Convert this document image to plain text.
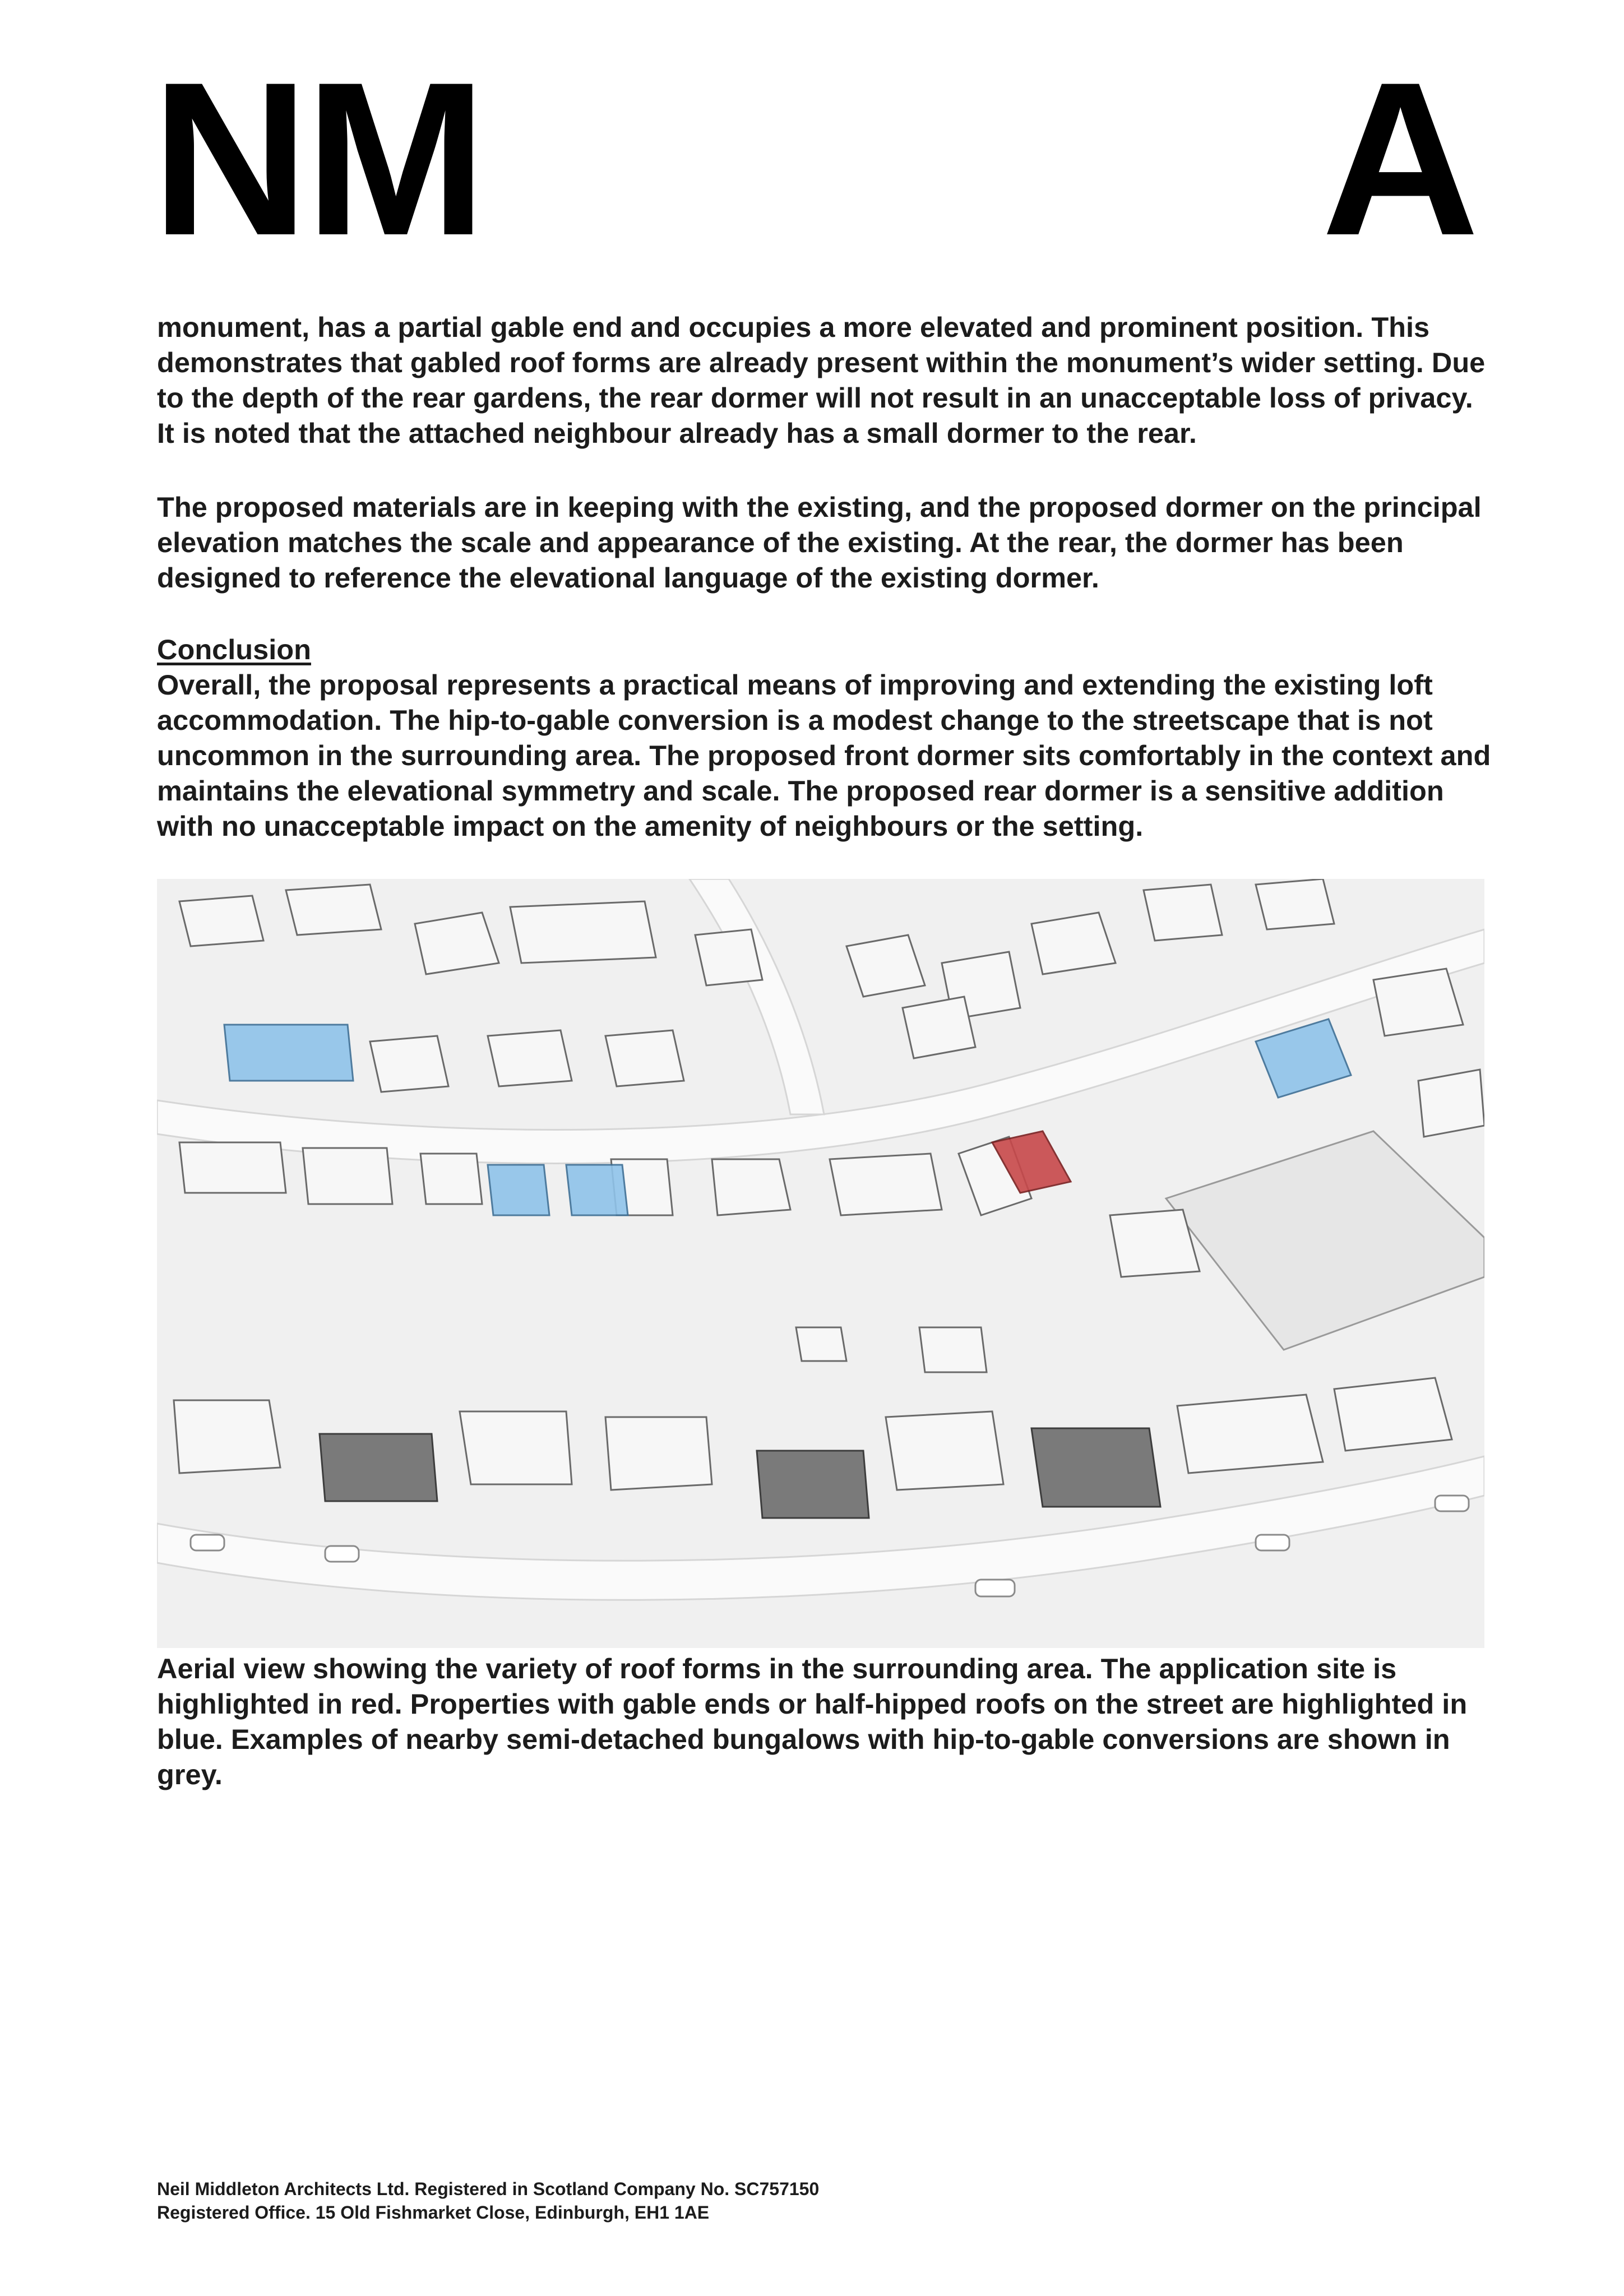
NM	A

monument, has a partial gable end and occupies a more elevated and prominent position. This demonstrates that gabled roof forms are already present within the monument’s wider setting. Due to the depth of the rear gardens, the rear dormer will not result in an unacceptable loss of privacy. It is noted that the attached neighbour already has a small dormer to the rear.

The proposed materials are in keeping with the existing, and the proposed dormer on the principal elevation matches the scale and appearance of the existing. At the rear, the dormer has been designed to reference the elevational language of the existing dormer.

Conclusion
Overall, the proposal represents a practical means of improving and extending the existing loft accommodation. The hip-to-gable conversion is a modest change to the streetscape that is not uncommon in the surrounding area. The proposed front dormer sits comfortably in the context and maintains the elevational symmetry and scale. The proposed rear dormer is a sensitive addition with no unacceptable impact on the amenity of neighbours or the setting.

Aerial view showing the variety of roof forms in the surrounding area. The application site is highlighted in red. Properties with gable ends or half-hipped roofs on the street are highlighted in blue. Examples of nearby semi-detached bungalows with hip-to-gable conversions are shown in grey.

Neil Middleton Architects Ltd. Registered in Scotland Company No. SC757150
Registered Office. 15 Old Fishmarket Close, Edinburgh, EH1 1AE
